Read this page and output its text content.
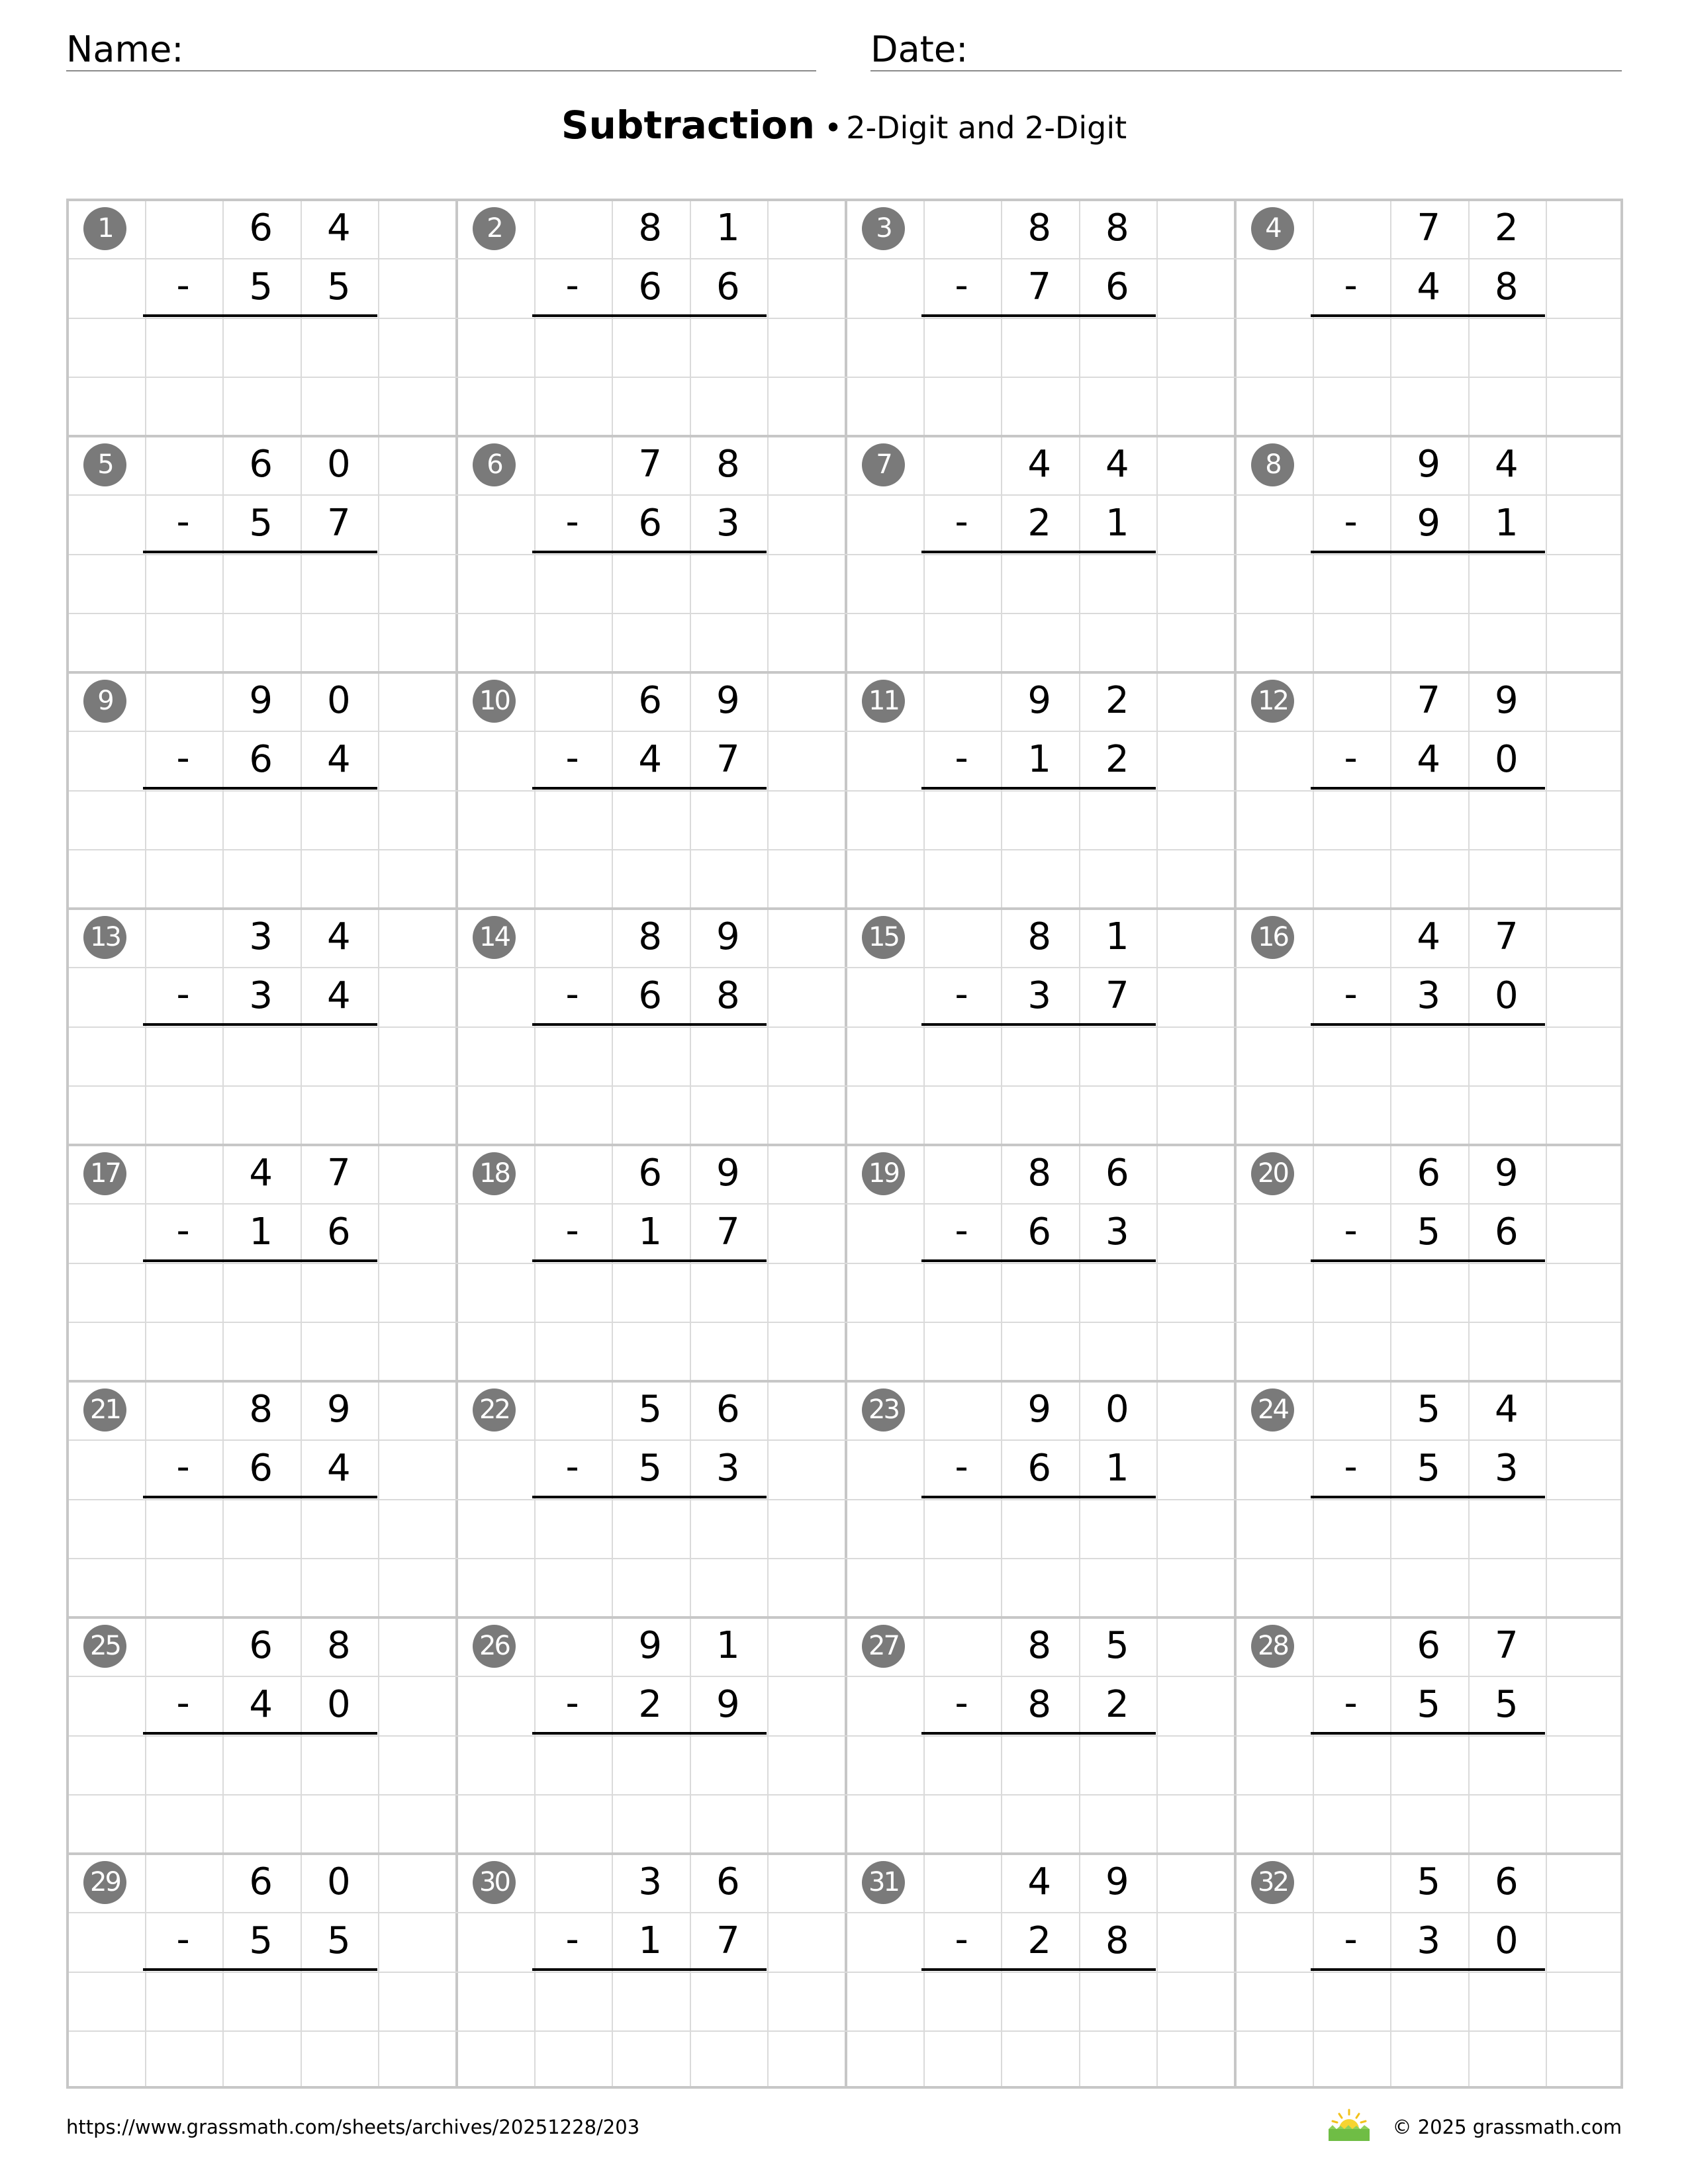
Name:	Date:
Subtraction • 2-Digit and 2-Digit
1	6	4
-	5	5
2	8	1
-	6	6
3	8	8
-	7	6
4	7	2
-	4	8
5	6	0
-	5	7
6	7	8
-	6	3
7	4	4
-	2	1
8	9	4
-	9	1
9	9	0
-	6	4
10	6	9
-	4	7
11	9	2
-	1	2
12	7	9
-	4	0
13	3	4
-	3	4
14	8	9
-	6	8
15	8	1
-	3	7
16	4	7
-	3	0
17	4	7
-	1	6
18	6	9
-	1	7
19	8	6
-	6	3
20	6	9
-	5	6
21	8	9
-	6	4
22	5	6
-	5	3
23	9	0
-	6	1
24	5	4
-	5	3
25	6	8
-	4	0
26	9	1
-	2	9
27	8	5
-	8	2
28	6	7
-	5	5
29	6	0
-	5	5
30	3	6
-	1	7
31	4	9
-	2	8
32	5	6
-	3	0
https://www.grassmath.com/sheets/archives/20251228/203	© 2025 grassmath.com
